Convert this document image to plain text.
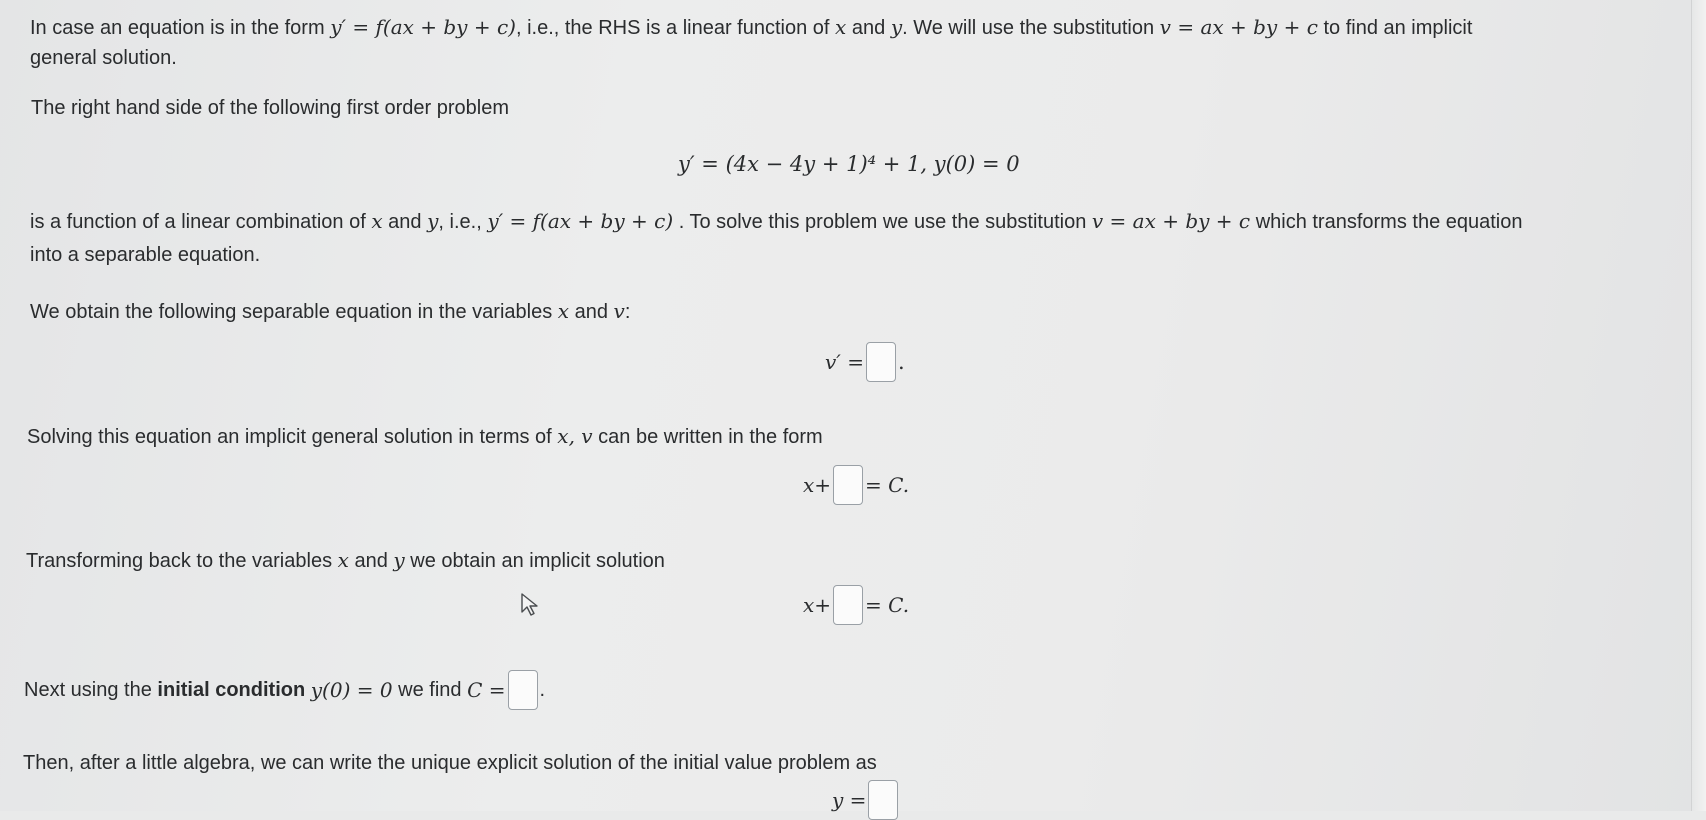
In case an equation is in the form y′ = f(ax + by + c), i.e., the RHS is a linear function of x and y. We will use the substitution v = ax + by + c to find an implicit
general solution.
The right hand side of the following first order problem
y′ = (4x − 4y + 1)⁴ + 1, y(0) = 0
is a function of a linear combination of x and y, i.e., y′ = f(ax + by + c) . To solve this problem we use the substitution v = ax + by + c which transforms the equation
into a separable equation.
We obtain the following separable equation in the variables x and v:
v′ = .
Solving this equation an implicit general solution in terms of x, v can be written in the form
x+ = C.
Transforming back to the variables x and y we obtain an implicit solution
x+ = C.
Next using the
initial condition
y(0) = 0
we find
C = .
Then, after a little algebra, we can write the unique explicit solution of the initial value problem as
y =
